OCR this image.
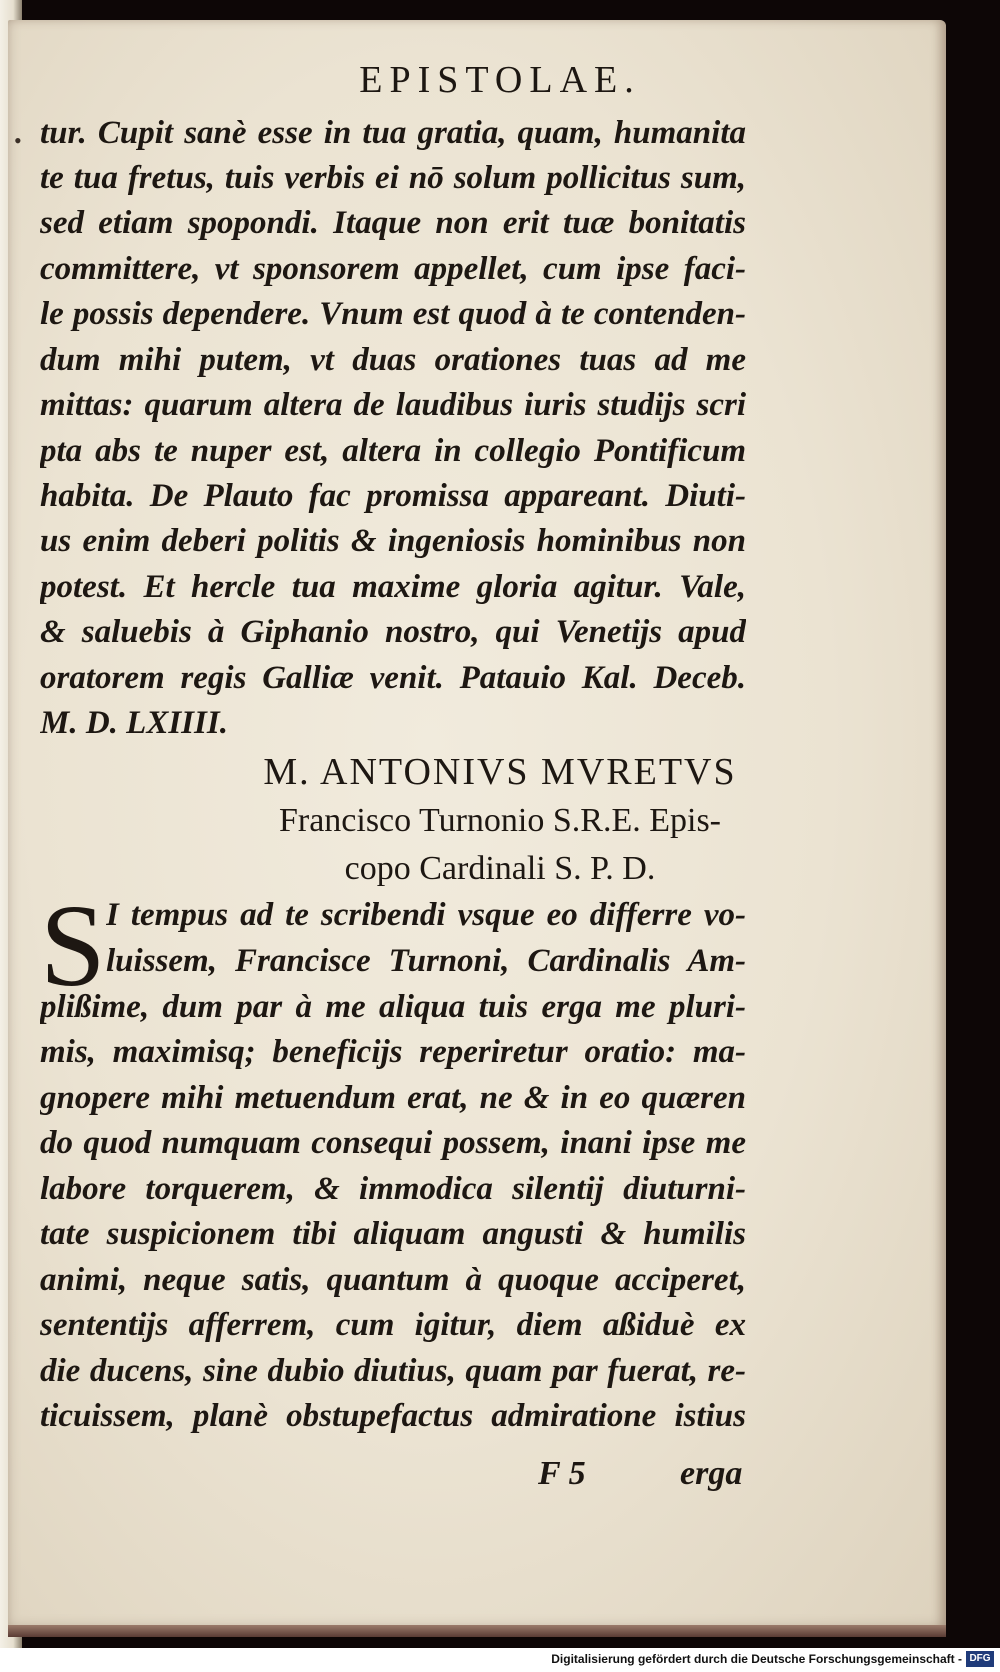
EPISTOLAE.
• tur. Cupit sanè esse in tua gratia, quam, humanita
te tua fretus, tuis verbis ei nō solum pollicitus sum,
sed etiam spopondi. Itaque non erit tuæ bonitatis
committere, vt sponsorem appellet, cum ipse faci-
le possis dependere. Vnum est quod à te contenden-
dum mihi putem, vt duas orationes tuas ad me
mittas: quarum altera de laudibus iuris studijs scri
pta abs te nuper est, altera in collegio Pontificum
habita. De Plauto fac promissa appareant. Diuti-
us enim deberi politis & ingeniosis hominibus non
potest. Et hercle tua maxime gloria agitur. Vale,
& saluebis à Giphanio nostro, qui Venetijs apud
oratorem regis Galliæ venit. Patauio Kal. Deceb.
M. D. LXIIII.
M. ANTONIVS MVRETVS
Francisco Turnonio S.R.E. Epis-
copo Cardinali S. P. D.
S I tempus ad te scribendi vsque eo differre vo-
luissem, Francisce Turnoni, Cardinalis Am-
plißime, dum par à me aliqua tuis erga me pluri-
mis, maximisq; beneficijs reperiretur oratio: ma-
gnopere mihi metuendum erat, ne & in eo quæren
do quod numquam consequi possem, inani ipse me
labore torquerem, & immodica silentij diuturni-
tate suspicionem tibi aliquam angusti & humilis
animi, neque satis, quantum à quoque acciperet,
sententijs afferrem, cum igitur, diem aßiduè ex
die ducens, sine dubio diutius, quam par fuerat, re-
ticuissem, planè obstupefactus admiratione istius
F 5	erga
Digitalisierung gefördert durch die Deutsche Forschungsgemeinschaft - DFG
